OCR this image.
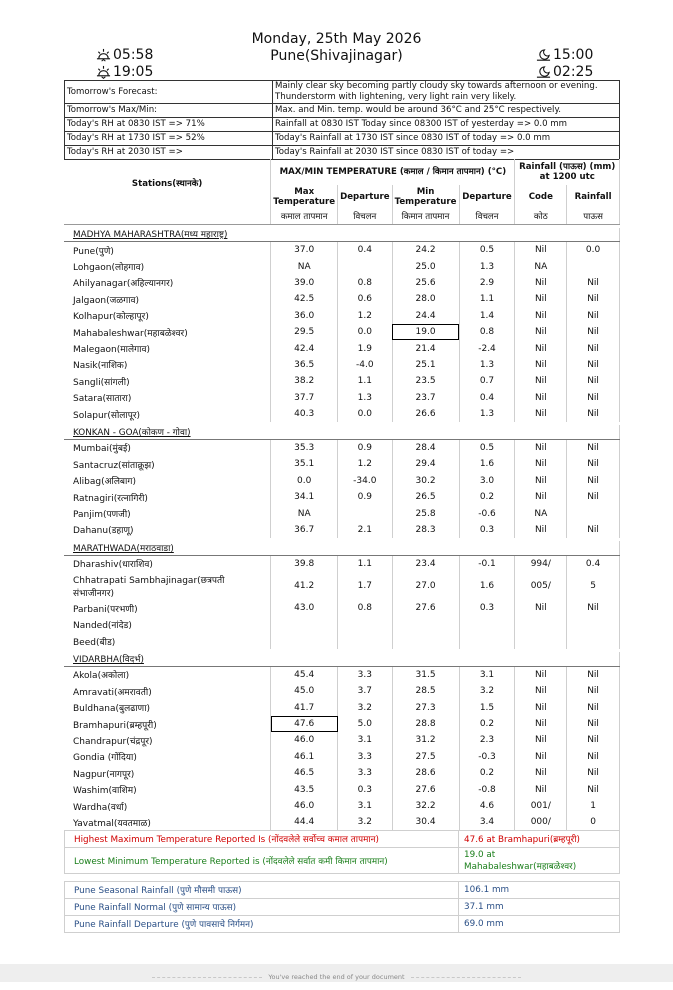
Monday, 25th May 2026
Pune(Shivajinagar)
05:58
19:05
15:00
02:25
Tomorrow's Forecast:	Mainly clear sky becoming partly cloudy sky towards afternoon or evening. Thunderstorm with lightening, very light rain very likely.
Tomorrow's Max/Min:	Max. and Min. temp. would be around 36°C and 25°C respectively.
Today's RH at 0830 IST => 71%	Rainfall at 0830 IST Today since 08300 IST of yesterday => 0.0 mm
Today's RH at 1730 IST => 52%	Today's Rainfall at 1730 IST since 0830 IST of today => 0.0 mm
Today's RH at 2030 IST =>	Today's Rainfall at 2030 IST since 0830 IST of today =>
Stations(स्थानके)	MAX/MIN TEMPERATURE (कमाल / किमान तापमान) (°C)				Rainfall (पाऊस) (mm) at 1200 utc	
	Max Temperature	Departure	Min Temperature	Departure	Code	Rainfall
	कमाल तापमान	विचलन	किमान तापमान	विचलन	कोठ	पाऊस

MADHYA MAHARASHTRA(मध्य महाराष्ट्र)						
Pune(पुणे)	37.0	0.4	24.2	0.5	Nil	0.0
Lohgaon(लोहगाव)	NA		25.0	1.3	NA	
Ahilyanagar(अहिल्यानगर)	39.0	0.8	25.6	2.9	Nil	Nil
Jalgaon(जळगाव)	42.5	0.6	28.0	1.1	Nil	Nil
Kolhapur(कोल्हापूर)	36.0	1.2	24.4	1.4	Nil	Nil
Mahabaleshwar(महाबळेश्वर)	29.5	0.0	19.0	0.8	Nil	Nil
Malegaon(मालेगाव)	42.4	1.9	21.4	-2.4	Nil	Nil
Nasik(नाशिक)	36.5	-4.0	25.1	1.3	Nil	Nil
Sangli(सांगली)	38.2	1.1	23.5	0.7	Nil	Nil
Satara(सातारा)	37.7	1.3	23.7	0.4	Nil	Nil
Solapur(सोलापूर)	40.3	0.0	26.6	1.3	Nil	Nil

KONKAN - GOA(कोकण - गोवा)						
Mumbai(मुंबई)	35.3	0.9	28.4	0.5	Nil	Nil
Santacruz(सांताक्रूझ)	35.1	1.2	29.4	1.6	Nil	Nil
Alibag(अलिबाग)	0.0	-34.0	30.2	3.0	Nil	Nil
Ratnagiri(रत्नागिरी)	34.1	0.9	26.5	0.2	Nil	Nil
Panjim(पणजी)	NA		25.8	-0.6	NA	
Dahanu(डहाणू)	36.7	2.1	28.3	0.3	Nil	Nil

MARATHWADA(मराठवाडा)						
Dharashiv(धाराशिव)	39.8	1.1	23.4	-0.1	994/	0.4
Chhatrapati Sambhajinagar(छत्रपती संभाजीनगर)	41.2	1.7	27.0	1.6	005/	5
Parbani(परभणी)	43.0	0.8	27.6	0.3	Nil	Nil
Nanded(नांदेड)						
Beed(बीड)						

VIDARBHA(विदर्भ)						
Akola(अकोला)	45.4	3.3	31.5	3.1	Nil	Nil
Amravati(अमरावती)	45.0	3.7	28.5	3.2	Nil	Nil
Buldhana(बुलढाणा)	41.7	3.2	27.3	1.5	Nil	Nil
Bramhapuri(ब्रम्हपूरी)	47.6	5.0	28.8	0.2	Nil	Nil
Chandrapur(चंद्रपूर)	46.0	3.1	31.2	2.3	Nil	Nil
Gondia (गोंदिया)	46.1	3.3	27.5	-0.3	Nil	Nil
Nagpur(नागपूर)	46.5	3.3	28.6	0.2	Nil	Nil
Washim(वाशिम)	43.5	0.3	27.6	-0.8	Nil	Nil
Wardha(वर्धा)	46.0	3.1	32.2	4.6	001/	1
Yavatmal(यवतमाळ)	44.4	3.2	30.4	3.4	000/	0
Highest Maximum Temperature Reported Is (नोंदवलेले सर्वोच्च कमाल तापमान)	47.6 at Bramhapuri(ब्रम्हपूरी)
Lowest Minimum Temperature Reported is (नोंदवलेले सर्वात कमी किमान तापमान)	19.0 at Mahabaleshwar(महाबळेश्वर)

Pune Seasonal Rainfall (पुणे मौसमी पाऊस)	106.1 mm
Pune Rainfall Normal (पुणे सामान्य पाऊस)	37.1 mm
Pune Rainfall Departure (पुणे पावसाचे निर्गमन)	69.0 mm
You've reached the end of your document
